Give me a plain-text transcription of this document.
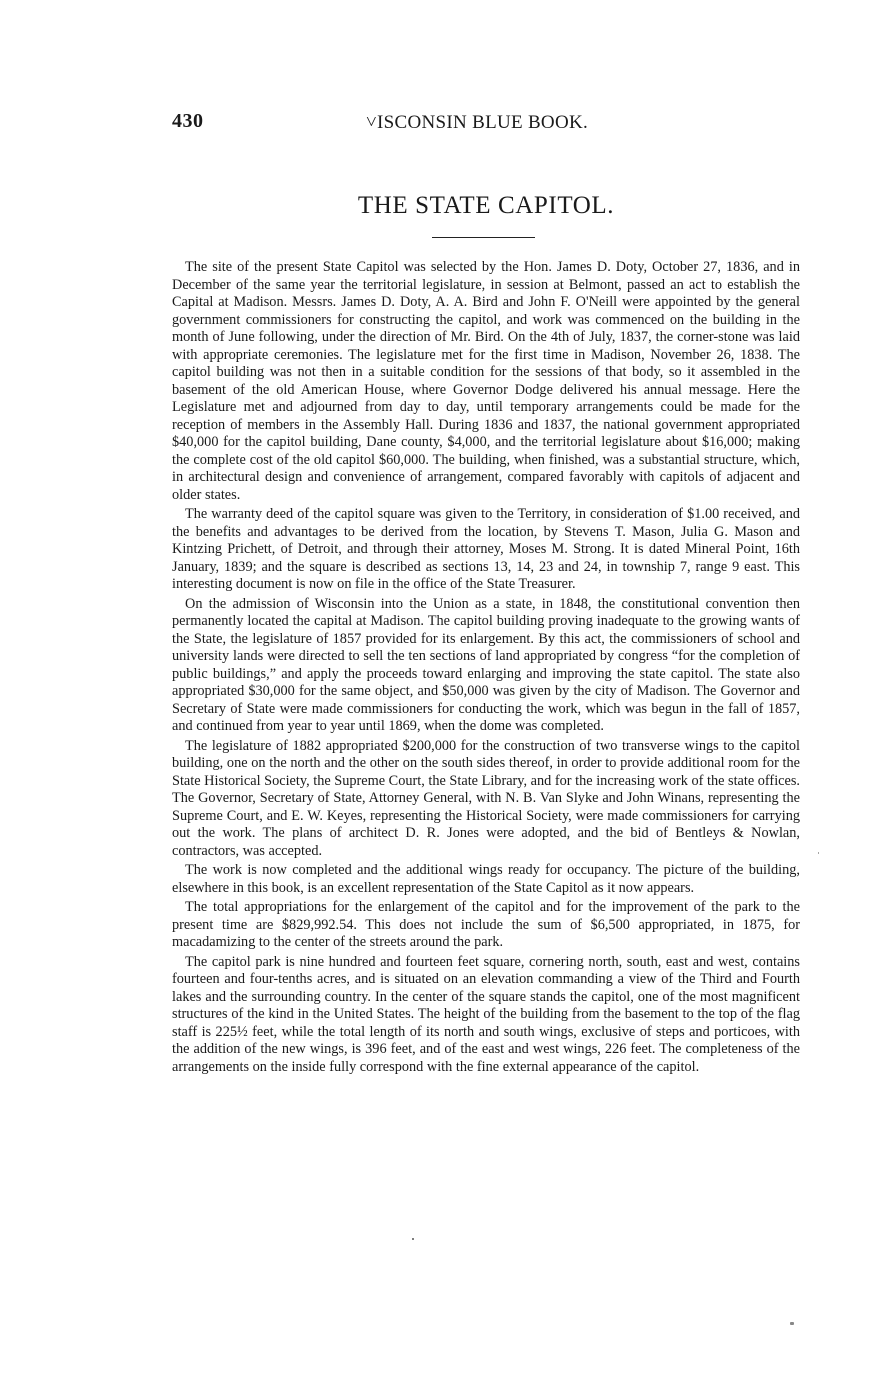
430	˅ISCONSIN BLUE BOOK.
THE STATE CAPITOL.

The site of the present State Capitol was selected by the Hon. James D. Doty, October 27, 1836, and in December of the same year the territorial legislature, in session at Belmont, passed an act to establish the Capital at Madison. Messrs. James D. Doty, A. A. Bird and John F. O'Neill were appointed by the general government commissioners for constructing the capitol, and work was commenced on the building in the month of June following, under the direction of Mr. Bird. On the 4th of July, 1837, the corner-stone was laid with appropriate ceremonies. The legislature met for the first time in Madison, November 26, 1838. The capitol building was not then in a suitable condition for the sessions of that body, so it assembled in the basement of the old American House, where Governor Dodge delivered his annual message. Here the Legislature met and adjourned from day to day, until temporary arrangements could be made for the reception of members in the Assembly Hall. During 1836 and 1837, the national government appropriated $40,000 for the capitol building, Dane county, $4,000, and the territorial legislature about $16,000; making the complete cost of the old capitol $60,000. The building, when finished, was a substantial structure, which, in architectural design and convenience of arrangement, compared favorably with capitols of adjacent and older states.

The warranty deed of the capitol square was given to the Territory, in consideration of $1.00 received, and the benefits and advantages to be derived from the location, by Stevens T. Mason, Julia G. Mason and Kintzing Prichett, of Detroit, and through their attorney, Moses M. Strong. It is dated Mineral Point, 16th January, 1839; and the square is described as sections 13, 14, 23 and 24, in township 7, range 9 east. This interesting document is now on file in the office of the State Treasurer.

On the admission of Wisconsin into the Union as a state, in 1848, the constitutional convention then permanently located the capital at Madison. The capitol building proving inadequate to the growing wants of the State, the legislature of 1857 provided for its enlargement. By this act, the commissioners of school and university lands were directed to sell the ten sections of land appropriated by congress “for the completion of public buildings,” and apply the proceeds toward enlarging and improving the state capitol. The state also appropriated $30,000 for the same object, and $50,000 was given by the city of Madison. The Governor and Secretary of State were made commissioners for conducting the work, which was begun in the fall of 1857, and continued from year to year until 1869, when the dome was completed.

The legislature of 1882 appropriated $200,000 for the construction of two transverse wings to the capitol building, one on the north and the other on the south sides thereof, in order to provide additional room for the State Historical Society, the Supreme Court, the State Library, and for the increasing work of the state offices. The Governor, Secretary of State, Attorney General, with N. B. Van Slyke and John Winans, representing the Supreme Court, and E. W. Keyes, representing the Historical Society, were made commissioners for carrying out the work. The plans of architect D. R. Jones were adopted, and the bid of Bentleys & Nowlan, contractors, was accepted.

The work is now completed and the additional wings ready for occupancy. The picture of the building, elsewhere in this book, is an excellent representation of the State Capitol as it now appears.

The total appropriations for the enlargement of the capitol and for the improvement of the park to the present time are $829,992.54. This does not include the sum of $6,500 appropriated, in 1875, for macadamizing to the center of the streets around the park.

The capitol park is nine hundred and fourteen feet square, cornering north, south, east and west, contains fourteen and four-tenths acres, and is situated on an elevation commanding a view of the Third and Fourth lakes and the surrounding country. In the center of the square stands the capitol, one of the most magnificent structures of the kind in the United States. The height of the building from the basement to the top of the flag staff is 225½ feet, while the total length of its north and south wings, exclusive of steps and porticoes, with the addition of the new wings, is 396 feet, and of the east and west wings, 226 feet. The completeness of the arrangements on the inside fully correspond with the fine external appearance of the capitol.
